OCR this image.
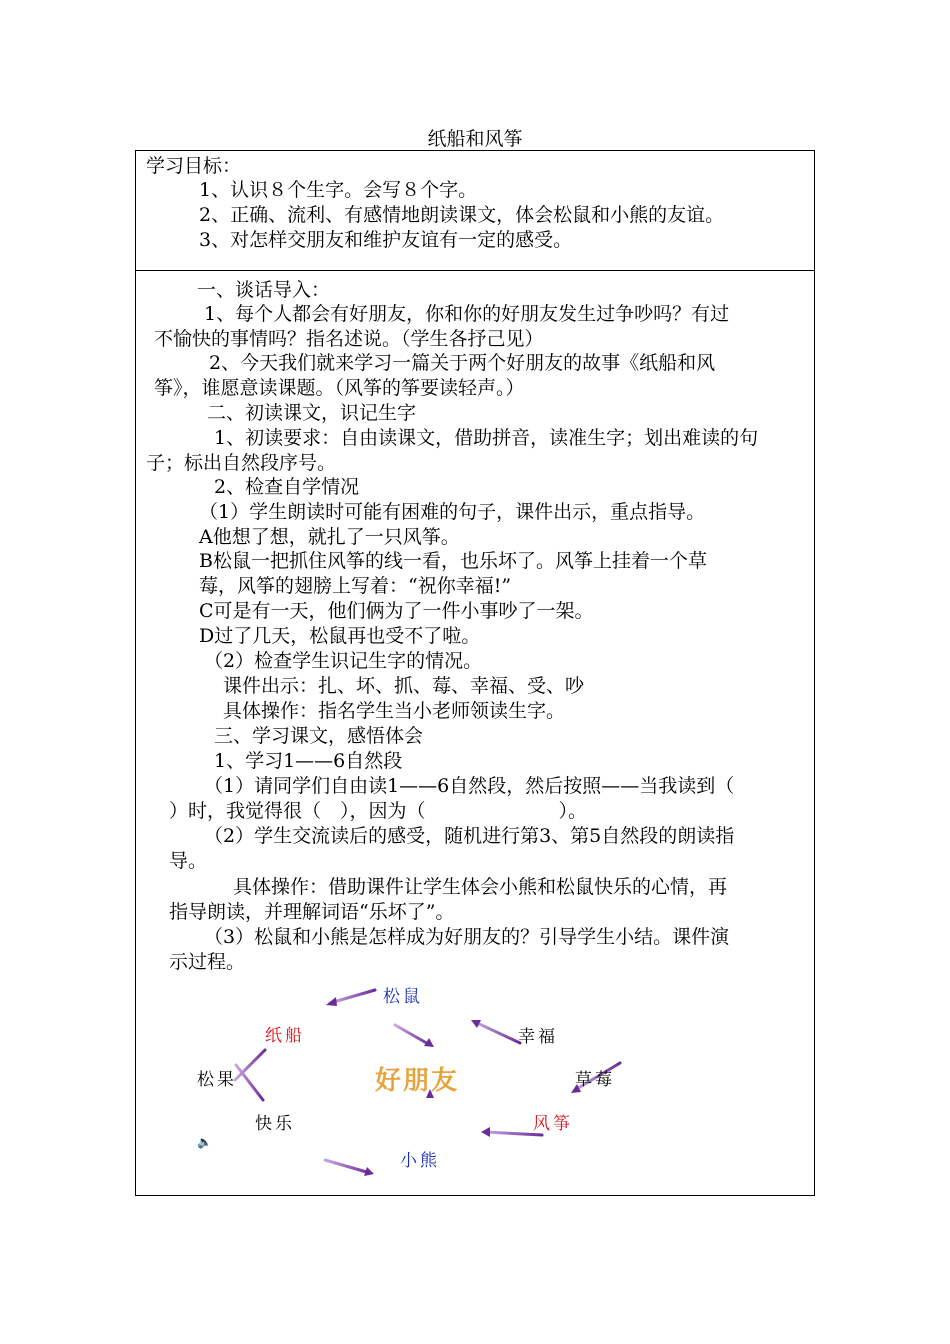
纸船和风筝
学习目标：
1、认识８个生字。会写８个字。
2、正确、流利、有感情地朗读课文，体会松鼠和小熊的友谊。
3、对怎样交朋友和维护友谊有一定的感受。
一、谈话导入：
1、每个人都会有好朋友，你和你的好朋友发生过争吵吗？有过
不愉快的事情吗？指名述说。（学生各抒己见）
2、今天我们就来学习一篇关于两个好朋友的故事《纸船和风
筝》，谁愿意读课题。（风筝的筝要读轻声。）
二、初读课文，识记生字
1、初读要求：自由读课文，借助拼音，读准生字；划出难读的句
子；标出自然段序号。
2、检查自学情况
（1）学生朗读时可能有困难的句子，课件出示，重点指导。
A他想了想，就扎了一只风筝。
B松鼠一把抓住风筝的线一看，也乐坏了。风筝上挂着一个草
莓，风筝的翅膀上写着：“祝你幸福!”
C可是有一天，他们俩为了一件小事吵了一架。
D过了几天，松鼠再也受不了啦。
（2）检查学生识记生字的情况。
课件出示：扎、坏、抓、莓、幸福、受、吵
具体操作：指名学生当小老师领读生字。
三、学习课文，感悟体会
1、学习1——6自然段
（1）请同学们自由读1——6自然段，然后按照——当我读到（
）时，我觉得很（　），因为（　　　　　　　）。
（2）学生交流读后的感受，随机进行第3、第5自然段的朗读指
导。
具体操作：借助课件让学生体会小熊和松鼠快乐的心情，再
指导朗读，并理解词语“乐坏了”。
（3）松鼠和小熊是怎样成为好朋友的？引导学生小结。课件演
示过程。
松鼠
幸福
草莓
风筝
小熊
快乐
松果
纸船
好朋友
🔈
